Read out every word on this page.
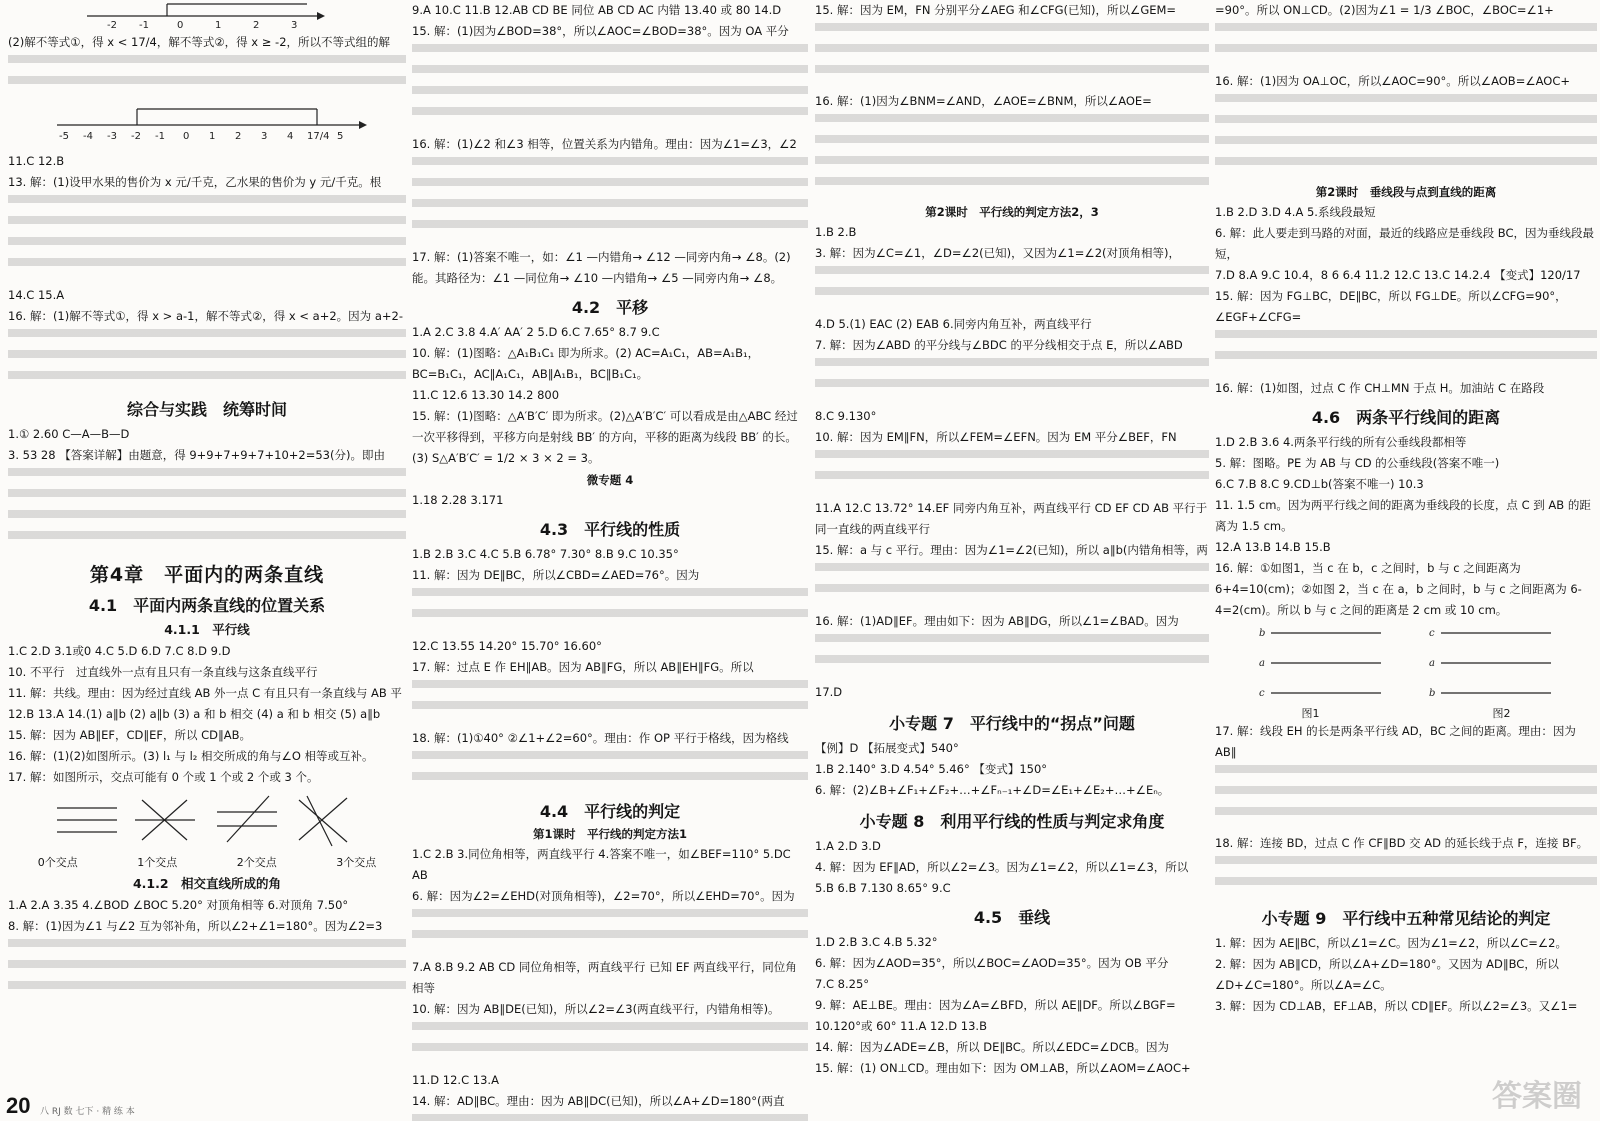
-2 -1	0	1	2	3

(2)解不等式①，得 x < 17/4，解不等式②，得 x ≥ -2，所以不等式组的解

-5 -4 -3 -2 -1 0 1 2 3 4 17/4 5

11.C 12.B

13. 解：(1)设甲水果的售价为 x 元/千克，乙水果的售价为 y 元/千克。根

14.C 15.A

16. 解：(1)解不等式①，得 x > a-1，解不等式②，得 x < a+2。因为 a+2-

综合与实践　统筹时间

1.① 2.60 C—A—B—D

3. 53 28 【答案详解】由题意，得 9+9+7+9+7+10+2=53(分)。即由

第4章　平面内的两条直线
4.1　平面内两条直线的位置关系
4.1.1　平行线

1.C 2.D 3.1或0 4.C 5.D 6.D 7.C 8.D 9.D

10. 不平行　过直线外一点有且只有一条直线与这条直线平行

11. 解：共线。理由：因为经过直线 AB 外一点 C 有且只有一条直线与 AB 平

12.B 13.A 14.(1) a∥b (2) a∥b (3) a 和 b 相交 (4) a 和 b 相交 (5) a∥b

15. 解：因为 AB∥EF，CD∥EF，所以 CD∥AB。

16. 解：(1)(2)如图所示。(3) l₁ 与 l₂ 相交所成的角与∠O 相等或互补。

17. 解：如图所示，交点可能有 0 个或 1 个或 2 个或 3 个。

0个交点	1个交点	2个交点	3个交点
4.1.2　相交直线所成的角

1.A 2.A 3.35 4.∠BOD ∠BOC 5.20° 对顶角相等 6.对顶角 7.50°

8. 解：(1)因为∠1 与∠2 互为邻补角，所以∠2+∠1=180°。因为∠2=3

9.A 10.C 11.B 12.AB CD BE 同位 AB CD AC 内错 13.40 或 80 14.D

15. 解：(1)因为∠BOD=38°，所以∠AOC=∠BOD=38°。因为 OA 平分

16. 解：(1)∠2 和∠3 相等，位置关系为内错角。理由：因为∠1=∠3，∠2

17. 解：(1)答案不唯一，如：∠1 —内错角→ ∠12 —同旁内角→ ∠8。(2)能。其路径为：∠1 —同位角→ ∠10 —内错角→ ∠5 —同旁内角→ ∠8。

4.2　平移

1.A 2.C 3.8 4.A′ AA′ 2 5.D 6.C 7.65° 8.7 9.C

10. 解：(1)图略：△A₁B₁C₁ 即为所求。(2) AC=A₁C₁，AB=A₁B₁，BC=B₁C₁，AC∥A₁C₁，AB∥A₁B₁，BC∥B₁C₁。

11.C 12.6 13.30 14.2 800

15. 解：(1)图略：△A′B′C′ 即为所求。(2)△A′B′C′ 可以看成是由△ABC 经过一次平移得到，平移方向是射线 BB′ 的方向，平移的距离为线段 BB′ 的长。

(3) S△A′B′C′ = 1/2 × 3 × 2 = 3。

微专题 4

1.18 2.28 3.171

4.3　平行线的性质

1.B 2.B 3.C 4.C 5.B 6.78° 7.30° 8.B 9.C 10.35°

11. 解：因为 DE∥BC，所以∠CBD=∠AED=76°。因为

12.C 13.55 14.20° 15.70° 16.60°

17. 解：过点 E 作 EH∥AB。因为 AB∥FG，所以 AB∥EH∥FG。所以

18. 解：(1)①40° ②∠1+∠2=60°。理由：作 OP 平行于格线，因为格线

4.4　平行线的判定
第1课时　平行线的判定方法1

1.C 2.B 3.同位角相等，两直线平行 4.答案不唯一，如∠BEF=110° 5.DC AB

6. 解：因为∠2=∠EHD(对顶角相等)，∠2=70°，所以∠EHD=70°。因为

7.A 8.B 9.2 AB CD 同位角相等，两直线平行 已知 EF 两直线平行，同位角相等

10. 解：因为 AB∥DE(已知)，所以∠2=∠3(两直线平行，内错角相等)。

11.D 12.C 13.A

14. 解：AD∥BC。理由：因为 AB∥DC(已知)，所以∠A+∠D=180°(两直

15. 解：因为 EM，FN 分别平分∠AEG 和∠CFG(已知)，所以∠GEM=

16. 解：(1)因为∠BNM=∠AND，∠AOE=∠BNM，所以∠AOE=

第2课时　平行线的判定方法2，3

1.B 2.B

3. 解：因为∠C=∠1，∠D=∠2(已知)，又因为∠1=∠2(对顶角相等)，

4.D 5.(1) EAC (2) EAB 6.同旁内角互补，两直线平行

7. 解：因为∠ABD 的平分线与∠BDC 的平分线相交于点 E，所以∠ABD

8.C 9.130°

10. 解：因为 EM∥FN，所以∠FEM=∠EFN。因为 EM 平分∠BEF，FN

11.A 12.C 13.72° 14.EF 同旁内角互补，两直线平行 CD EF CD AB 平行于同一直线的两直线平行

15. 解：a 与 c 平行。理由：因为∠1=∠2(已知)，所以 a∥b(内错角相等，两

16. 解：(1)AD∥EF。理由如下：因为 AB∥DG，所以∠1=∠BAD。因为

17.D

小专题 7　平行线中的“拐点”问题

【例】D 【拓展变式】540°

1.B 2.140° 3.D 4.54° 5.46° 【变式】150°

6. 解：(2)∠B+∠F₁+∠F₂+…+∠Fₙ₋₁+∠D=∠E₁+∠E₂+…+∠Eₙ。

小专题 8　利用平行线的性质与判定求角度

1.A 2.D 3.D

4. 解：因为 EF∥AD，所以∠2=∠3。因为∠1=∠2，所以∠1=∠3，所以

5.B 6.B 7.130 8.65° 9.C

4.5　垂线

1.D 2.B 3.C 4.B 5.32°

6. 解：因为∠AOD=35°，所以∠BOC=∠AOD=35°。因为 OB 平分

7.C 8.25°

9. 解：AE⊥BE。理由：因为∠A=∠BFD，所以 AE∥DF。所以∠BGF=

10.120°或 60° 11.A 12.D 13.B

14. 解：因为∠ADE=∠B，所以 DE∥BC。所以∠EDC=∠DCB。因为

15. 解：(1) ON⊥CD。理由如下：因为 OM⊥AB，所以∠AOM=∠AOC+

=90°。所以 ON⊥CD。(2)因为∠1 = 1/3 ∠BOC，∠BOC=∠1+

16. 解：(1)因为 OA⊥OC，所以∠AOC=90°。所以∠AOB=∠AOC+

第2课时　垂线段与点到直线的距离

1.B 2.D 3.D 4.A 5.系线段最短

6. 解：此人要走到马路的对面，最近的线路应是垂线段 BC，因为垂线段最短，

7.D 8.A 9.C 10.4，8 6 6.4 11.2 12.C 13.C 14.2.4 【变式】120/17

15. 解：因为 FG⊥BC，DE∥BC，所以 FG⊥DE。所以∠CFG=90°，∠EGF+∠CFG=

16. 解：(1)如图，过点 C 作 CH⊥MN 于点 H。加油站 C 在路段

4.6　两条平行线间的距离

1.D 2.B 3.6 4.两条平行线的所有公垂线段都相等

5. 解：图略。PE 为 AB 与 CD 的公垂线段(答案不唯一)

6.C 7.B 8.C 9.CD⊥b(答案不唯一) 10.3

11. 1.5 cm。因为两平行线之间的距离为垂线段的长度，点 C 到 AB 的距离为 1.5 cm。

12.A 13.B 14.B 15.B

16. 解：①如图1，当 c 在 b，c 之间时，b 与 c 之间距离为 6+4=10(cm)；②如图 2，当 c 在 a，b 之间时，b 与 c 之间距离为 6-4=2(cm)。所以 b 与 c 之间的距离是 2 cm 或 10 cm。

b
a
c
c
a
b
图1	图2

17. 解：线段 EH 的长是两条平行线 AD，BC 之间的距离。理由：因为 AB∥

18. 解：连接 BD，过点 C 作 CF∥BD 交 AD 的延长线于点 F，连接 BF。

小专题 9　平行线中五种常见结论的判定

1. 解：因为 AE∥BC，所以∠1=∠C。因为∠1=∠2，所以∠C=∠2。

2. 解：因为 AB∥CD，所以∠A+∠D=180°。又因为 AD∥BC，所以∠D+∠C=180°。所以∠A=∠C。

3. 解：因为 CD⊥AB，EF⊥AB，所以 CD∥EF。所以∠2=∠3。又∠1=

20 八 RJ 数 七下 · 精 练 本	答案圈
